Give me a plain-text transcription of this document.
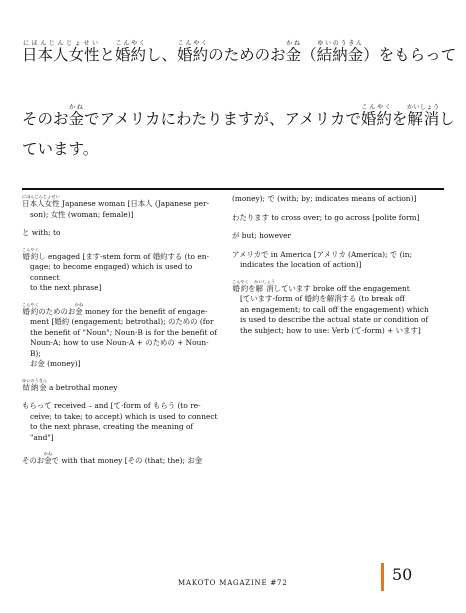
日本人女性にほんじんじょせいと婚約こんやくし、婚約こんやくのためのお金かね（結納金ゆいのうきん）をもらって
そのお金かねでアメリカにわたりますが、アメリカで婚約こんやくを解消かいしょうし
ています。
日本人女性にほんじんじょせい Japanese woman [日本人 (Japanese per-
son); 女性 (woman; female)]
と with; to
婚約こんやくし engaged [ます-stem form of 婚約する (to en-
gage; to become engaged) which is used to connect
to the next phrase]
婚約こんやくのためのお金かね money for the benefit of engage-
ment [婚約 (engagement; betrothal); のための (for
the benefit of "Noun"; Noun-B is for the benefit of
Noun-A; how to use Noun-A + のための + Noun-B);
お金 (money)]
結納金ゆいのうきん a betrothal money
もらって received – and [て-form of もらう (to re-
ceive; to take; to accept) which is used to connect
to the next phrase, creating the meaning of "and"]
そのお金かねで with that money [その (that; the); お金
(money); で (with; by; indicates means of action)]
わたります to cross over; to go across [polite form]
が but; however
アメリカで in America [アメリカ (America); で (in;
indicates the location of action)]
婚約こんやくを解消かいしょうしています broke off the engagement
[ています-form of 婚約を解消する (to break off
an engagement; to call off the engagement) which
is used to describe the actual state or condition of
the subject; how to use: Verb (て-form) + います]
MAKOTO MAGAZINE #72	50
